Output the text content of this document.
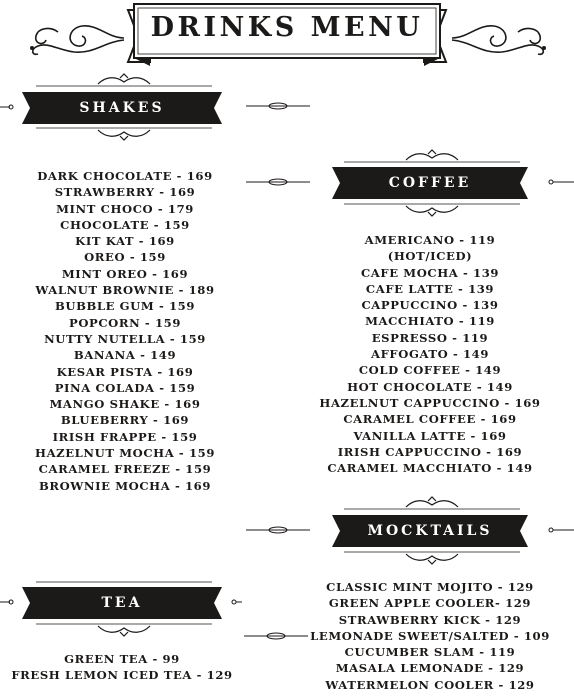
DRINKS MENU
SHAKES
DARK CHOCOLATE - 169
STRAWBERRY - 169
MINT CHOCO - 179
CHOCOLATE - 159
KIT KAT - 169
OREO - 159
MINT OREO - 169
WALNUT BROWNIE - 189
BUBBLE GUM - 159
POPCORN - 159
NUTTY NUTELLA - 159
BANANA - 149
KESAR PISTA - 169
PINA COLADA - 159
MANGO SHAKE - 169
BLUEBERRY - 169
IRISH FRAPPE - 159
HAZELNUT MOCHA - 159
CARAMEL FREEZE - 159
BROWNIE MOCHA - 169
COFFEE
AMERICANO - 119
(HOT/ICED)
CAFE MOCHA - 139
CAFE LATTE - 139
CAPPUCCINO - 139
MACCHIATO - 119
ESPRESSO - 119
AFFOGATO - 149
COLD COFFEE - 149
HOT CHOCOLATE - 149
HAZELNUT CAPPUCCINO - 169
CARAMEL COFFEE - 169
VANILLA LATTE - 169
IRISH CAPPUCCINO - 169
CARAMEL MACCHIATO - 149
MOCKTAILS
CLASSIC MINT MOJITO - 129
GREEN APPLE COOLER- 129
STRAWBERRY KICK - 129
LEMONADE SWEET/SALTED - 109
CUCUMBER SLAM - 119
MASALA LEMONADE - 129
WATERMELON COOLER - 129
TEA
GREEN TEA - 99
FRESH LEMON ICED TEA - 129
